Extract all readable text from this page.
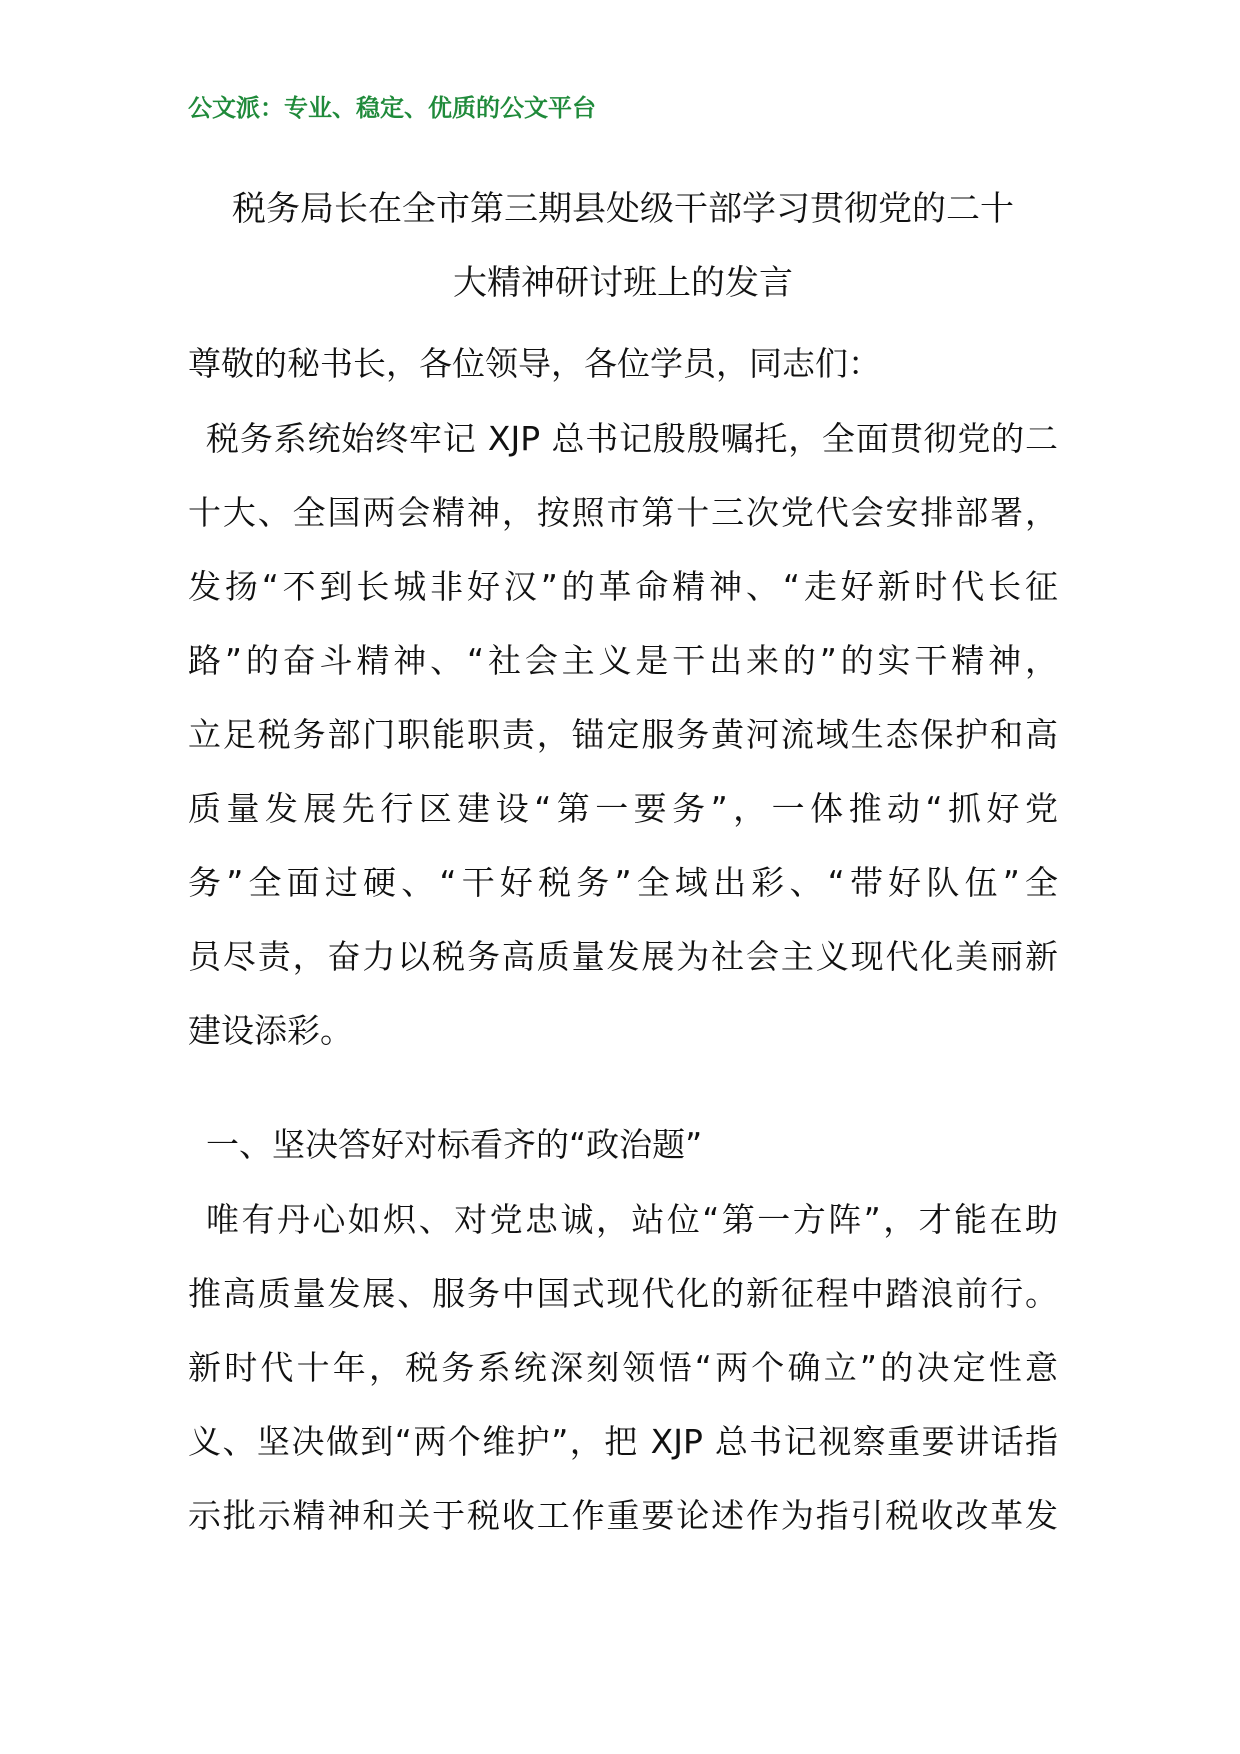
公文派：专业、稳定、优质的公文平台
税务局长在全市第三期县处级干部学习贯彻党的二十
大精神研讨班上的发言

尊敬的秘书长，各位领导，各位学员，同志们：

税务系统始终牢记 XJP 总书记殷殷嘱托，全面贯彻党的二
十大、全国两会精神，按照市第十三次党代会安排部署，
发扬“不到长城非好汉”的革命精神、“走好新时代长征
路”的奋斗精神、“社会主义是干出来的”的实干精神，
立足税务部门职能职责，锚定服务黄河流域生态保护和高
质量发展先行区建设“第一要务”，一体推动“抓好党
务”全面过硬、“干好税务”全域出彩、“带好队伍”全
员尽责，奋力以税务高质量发展为社会主义现代化美丽新
建设添彩。

一、坚决答好对标看齐的“政治题”

唯有丹心如炽、对党忠诚，站位“第一方阵”，才能在助
推高质量发展、服务中国式现代化的新征程中踏浪前行。
新时代十年，税务系统深刻领悟“两个确立”的决定性意
义、坚决做到“两个维护”，把 XJP 总书记视察重要讲话指
示批示精神和关于税收工作重要论述作为指引税收改革发
